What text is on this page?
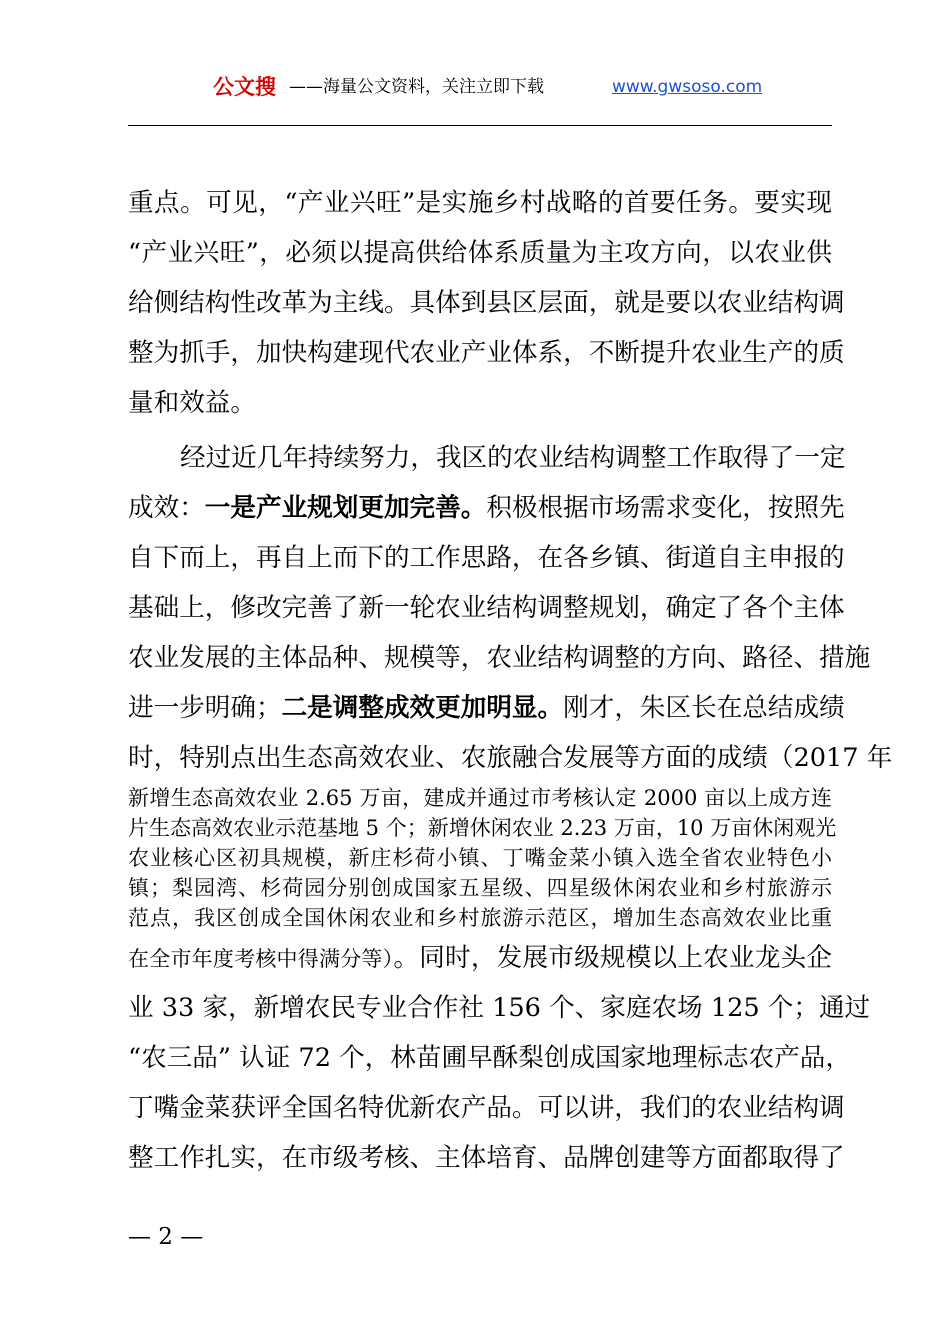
公文搜 ——海量公文资料，关注立即下载	www.gwsoso.com
重点。可见，“产业兴旺”是实施乡村战略的首要任务。要实现
“产业兴旺”，必须以提高供给体系质量为主攻方向，以农业供
给侧结构性改革为主线。具体到县区层面，就是要以农业结构调
整为抓手，加快构建现代农业产业体系，不断提升农业生产的质
量和效益。
经过近几年持续努力，我区的农业结构调整工作取得了一定
成效：一是产业规划更加完善。积极根据市场需求变化，按照先
自下而上，再自上而下的工作思路，在各乡镇、街道自主申报的
基础上，修改完善了新一轮农业结构调整规划，确定了各个主体
农业发展的主体品种、规模等，农业结构调整的方向、路径、措施
进一步明确；二是调整成效更加明显。刚才，朱区长在总结成绩
时，特别点出生态高效农业、农旅融合发展等方面的成绩（2017 年
新增生态高效农业 2.65 万亩，建成并通过市考核认定 2000 亩以上成方连
片生态高效农业示范基地 5 个；新增休闲农业 2.23 万亩，10 万亩休闲观光
农业核心区初具规模，新庄杉荷小镇、丁嘴金菜小镇入选全省农业特色小
镇；梨园湾、杉荷园分别创成国家五星级、四星级休闲农业和乡村旅游示
范点，我区创成全国休闲农业和乡村旅游示范区，增加生态高效农业比重
在全市年度考核中得满分等）。同时，发展市级规模以上农业龙头企
业 33 家，新增农民专业合作社 156 个、家庭农场 125 个；通过
“农三品” 认证 72 个，林苗圃早酥梨创成国家地理标志农产品，
丁嘴金菜获评全国名特优新农产品。可以讲，我们的农业结构调
整工作扎实，在市级考核、主体培育、品牌创建等方面都取得了
— 2 —
